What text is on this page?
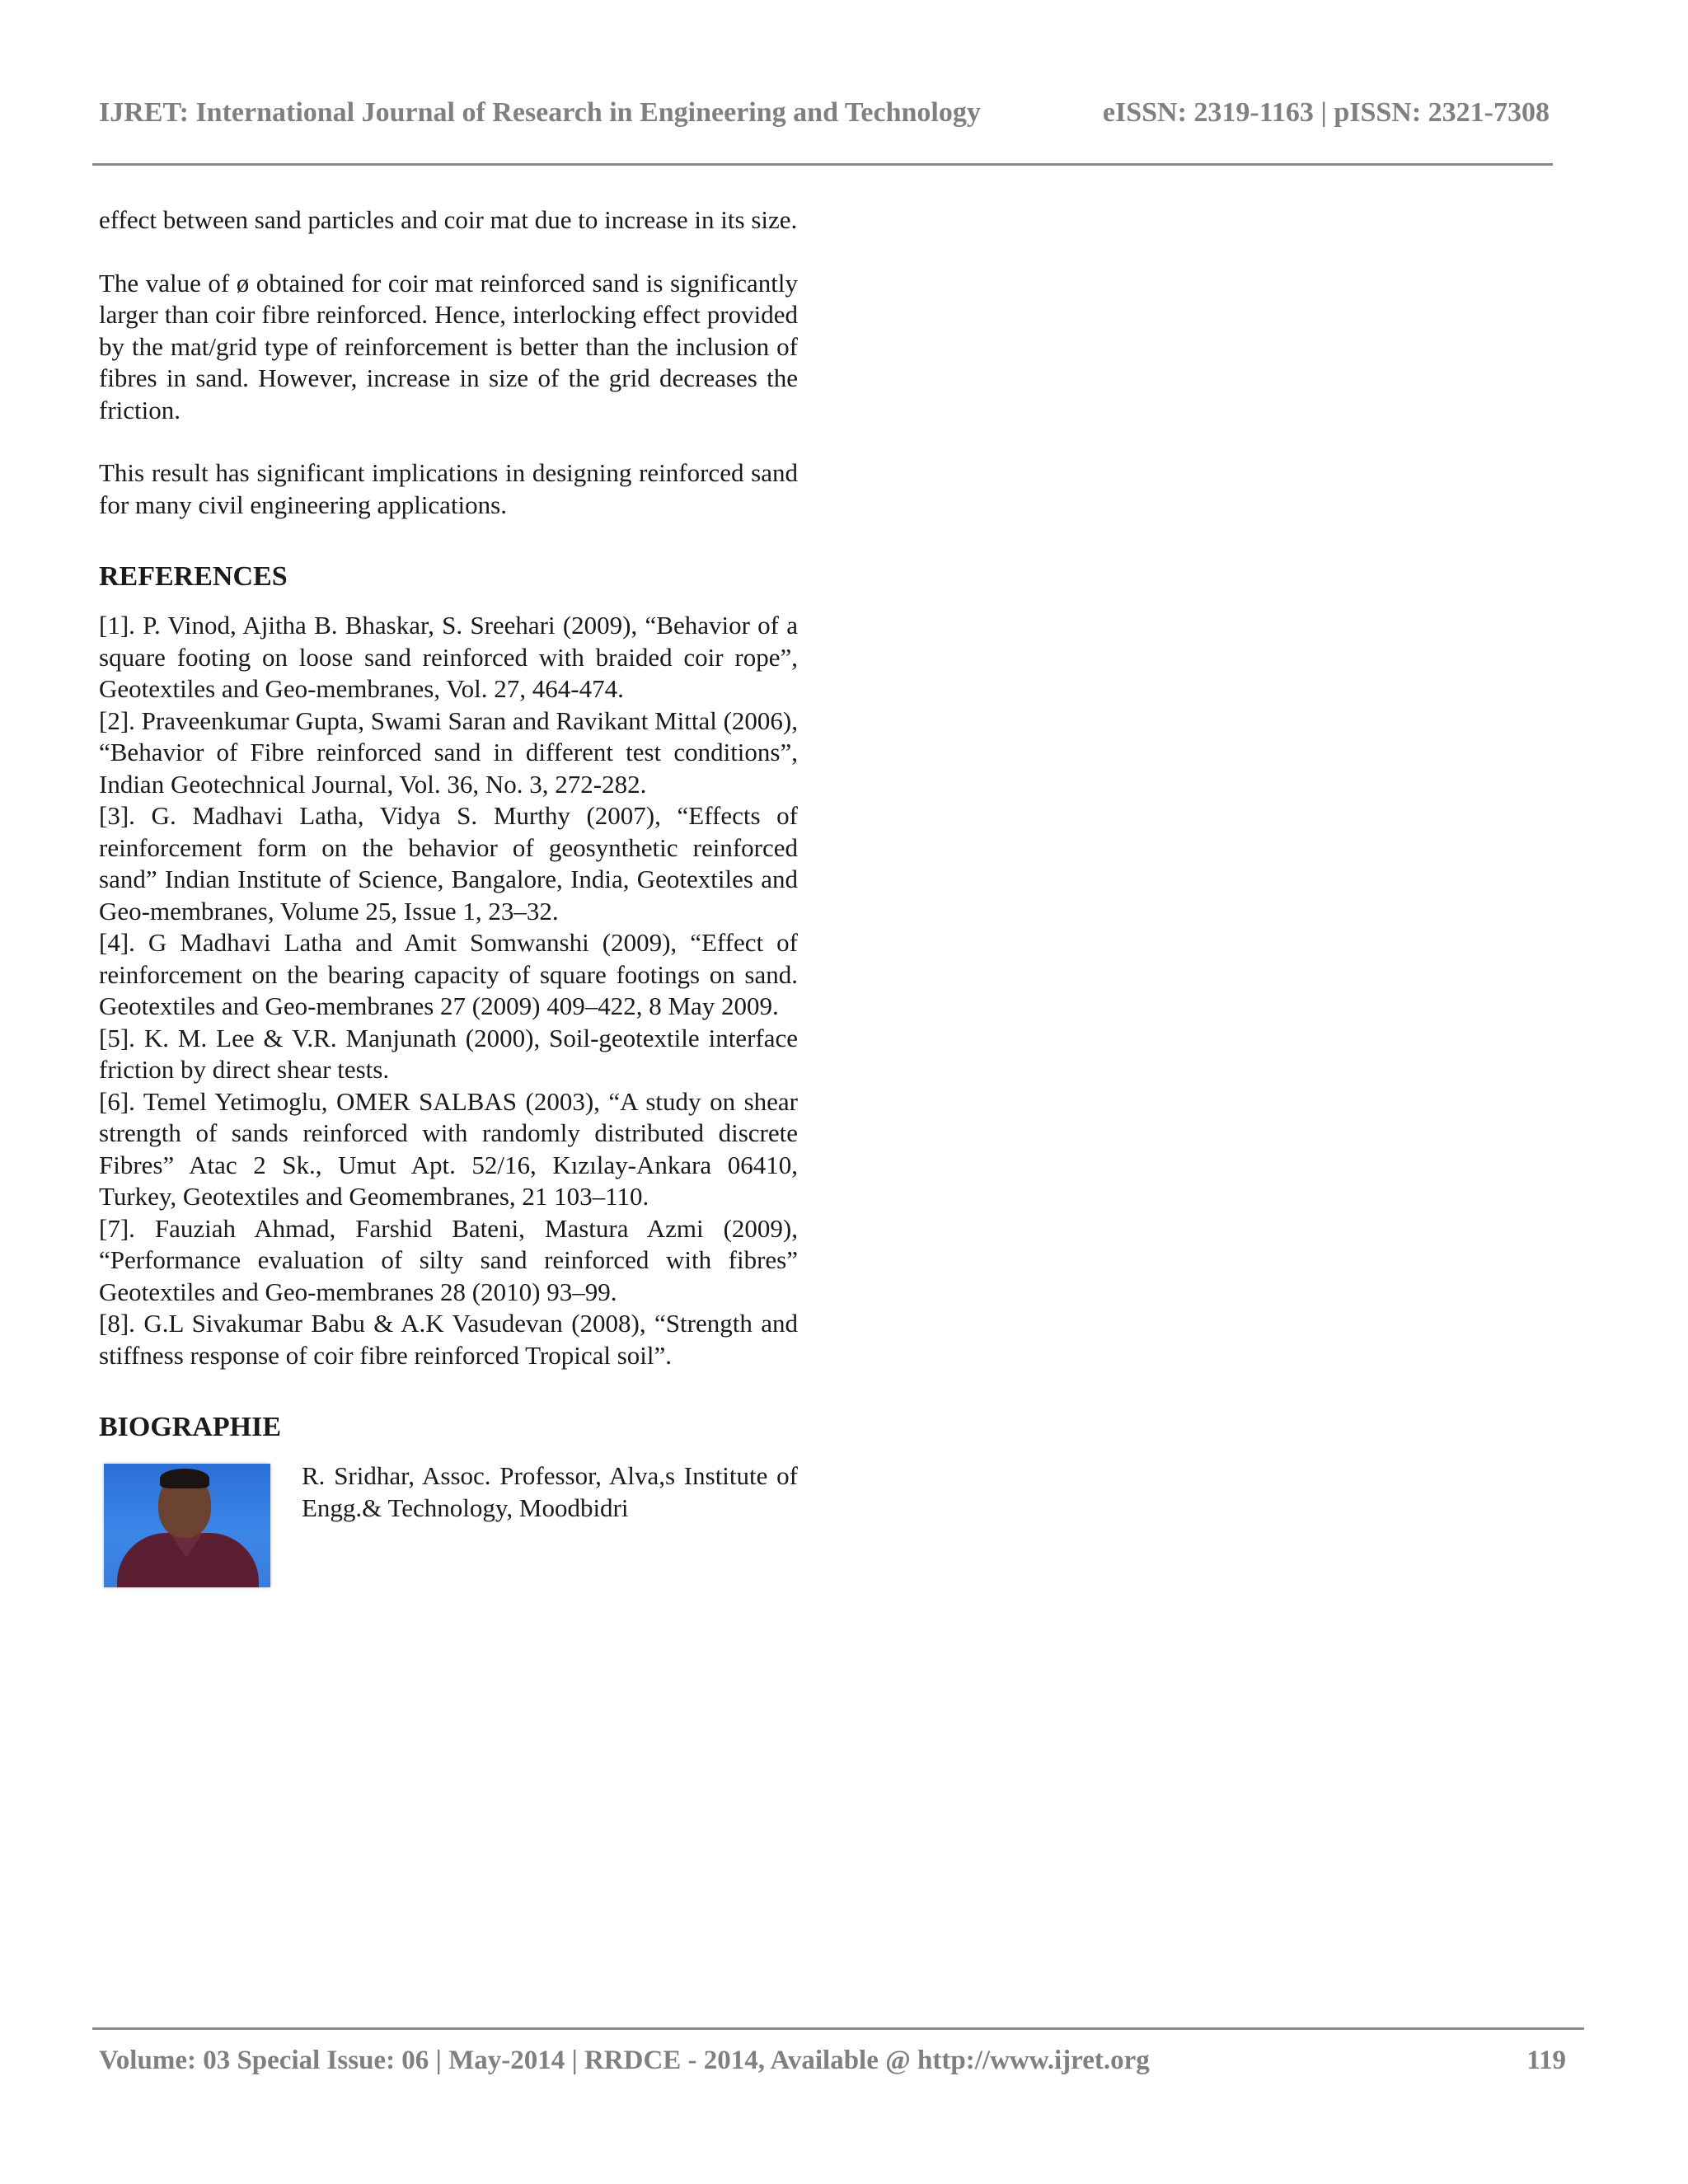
IJRET: International Journal of Research in Engineering and Technology	eISSN: 2319-1163 | pISSN: 2321-7308

effect between sand particles and coir mat due to increase in its size.

The value of ø obtained for coir mat reinforced sand is significantly larger than coir fibre reinforced. Hence, interlocking effect provided by the mat/grid type of reinforcement is better than the inclusion of fibres in sand. However, increase in size of the grid decreases the friction.

This result has significant implications in designing reinforced sand for many civil engineering applications.

REFERENCES

[1]. P. Vinod, Ajitha B. Bhaskar, S. Sreehari (2009), “Behavior of a square footing on loose sand reinforced with braided coir rope”, Geotextiles and Geo-membranes, Vol. 27, 464-474.

[2]. Praveenkumar Gupta, Swami Saran and Ravikant Mittal (2006), “Behavior of Fibre reinforced sand in different test conditions”, Indian Geotechnical Journal, Vol. 36, No. 3, 272-282.

[3]. G. Madhavi Latha, Vidya S. Murthy (2007), “Effects of reinforcement form on the behavior of geosynthetic reinforced sand” Indian Institute of Science, Bangalore, India, Geotextiles and Geo-membranes, Volume 25, Issue 1, 23–32.

[4]. G Madhavi Latha and Amit Somwanshi (2009), “Effect of reinforcement on the bearing capacity of square footings on sand. Geotextiles and Geo-membranes 27 (2009) 409–422, 8 May 2009.

[5]. K. M. Lee & V.R. Manjunath (2000), Soil-geotextile interface friction by direct shear tests.

[6]. Temel Yetimoglu, OMER SALBAS (2003), “A study on shear strength of sands reinforced with randomly distributed discrete Fibres” Atac 2 Sk., Umut Apt. 52/16, Kızılay-Ankara 06410, Turkey, Geotextiles and Geomembranes, 21 103–110.

[7]. Fauziah Ahmad, Farshid Bateni, Mastura Azmi (2009), “Performance evaluation of silty sand reinforced with fibres” Geotextiles and Geo-membranes 28 (2010) 93–99.

[8]. G.L Sivakumar Babu & A.K Vasudevan (2008), “Strength and stiffness response of coir fibre reinforced Tropical soil”.

BIOGRAPHIE
R. Sridhar, Assoc. Professor, Alva,s Institute of Engg.& Technology, Moodbidri
Volume: 03 Special Issue: 06 | May-2014 | RRDCE - 2014, Available @ http://www.ijret.org	119
